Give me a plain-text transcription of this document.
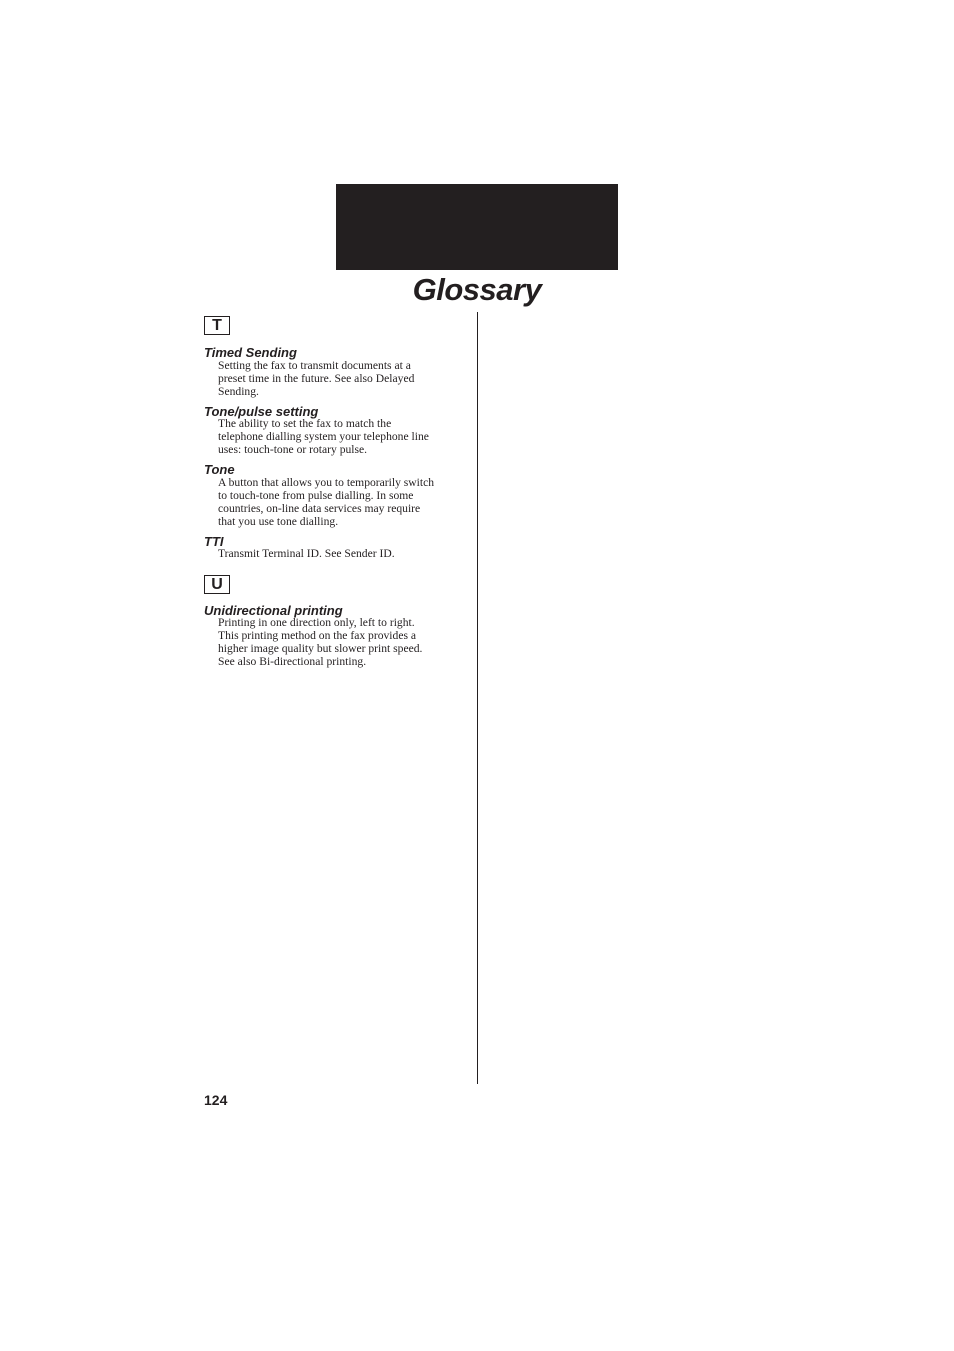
Glossary
T
Timed Sending
Setting the fax to transmit documents at a
preset time in the future. See also Delayed
Sending.
Tone/pulse setting
The ability to set the fax to match the
telephone dialling system your telephone line
uses: touch-tone or rotary pulse.
Tone
A button that allows you to temporarily switch
to touch-tone from pulse dialling. In some
countries, on-line data services may require
that you use tone dialling.
TTI
Transmit Terminal ID. See Sender ID.
U
Unidirectional printing
Printing in one direction only, left to right.
This printing method on the fax provides a
higher image quality but slower print speed.
See also Bi-directional printing.
124
